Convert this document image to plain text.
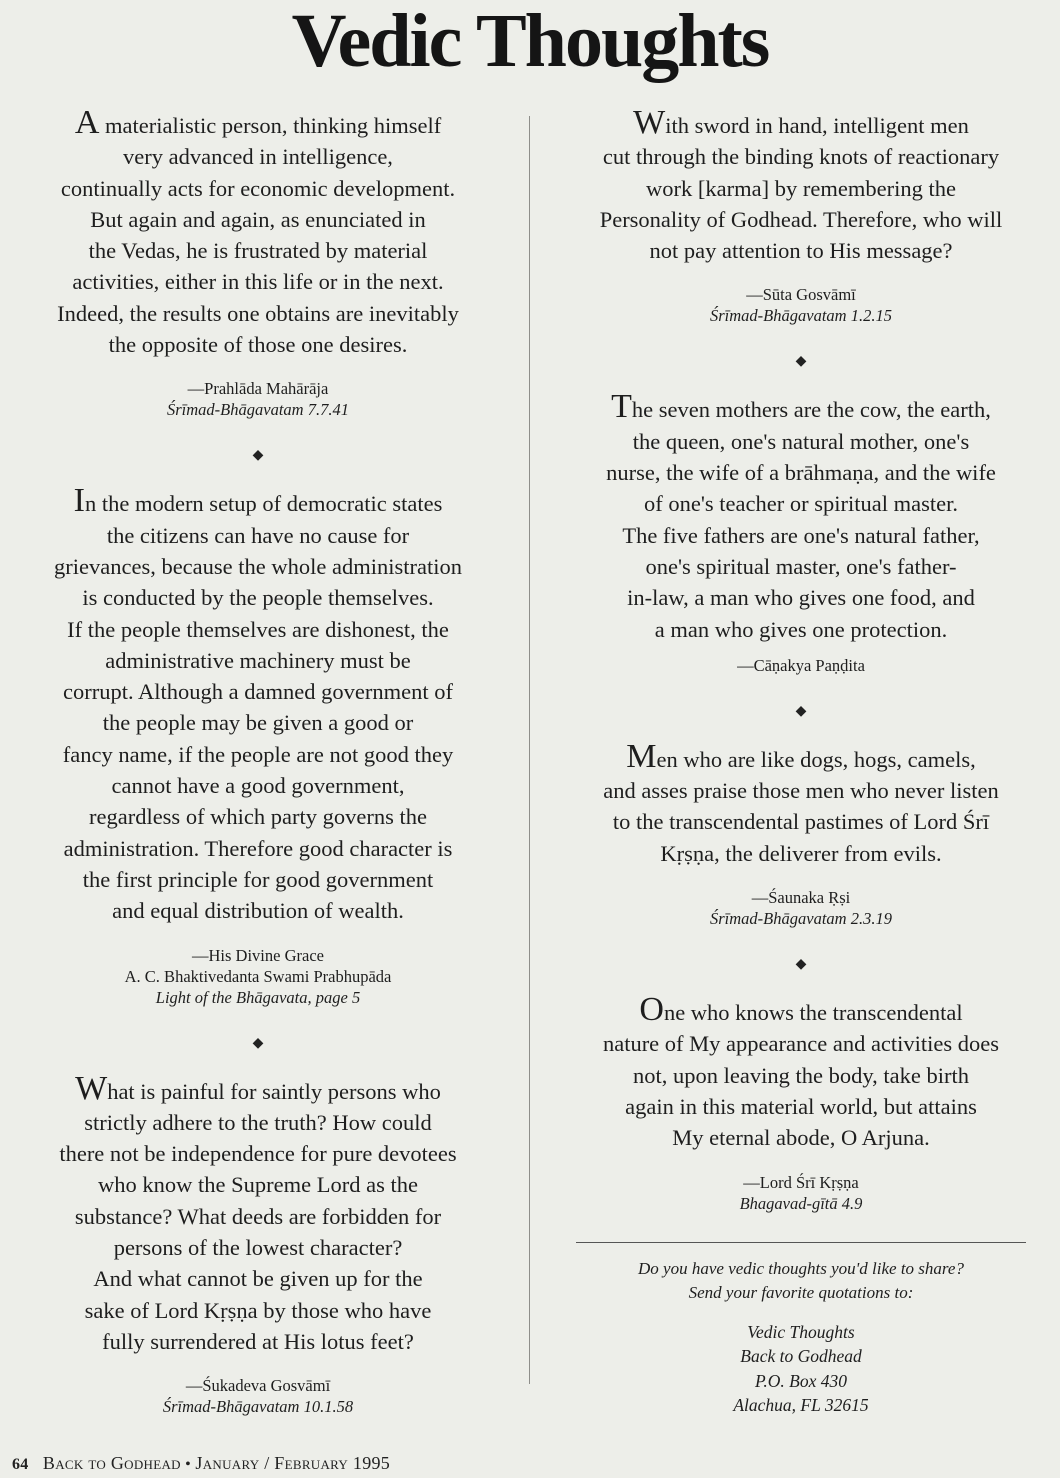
Vedic Thoughts

A materialistic person, thinking himself
very advanced in intelligence,
continually acts for economic development.
But again and again, as enunciated in
the Vedas, he is frustrated by material
activities, either in this life or in the next.
Indeed, the results one obtains are inevitably
the opposite of those one desires.

—Prahlāda Mahārāja
Śrīmad-Bhāgavatam 7.7.41
◆

In the modern setup of democratic states
the citizens can have no cause for
grievances, because the whole administration
is conducted by the people themselves.
If the people themselves are dishonest, the
administrative machinery must be
corrupt. Although a damned government of
the people may be given a good or
fancy name, if the people are not good they
cannot have a good government,
regardless of which party governs the
administration. Therefore good character is
the first principle for good government
and equal distribution of wealth.

—His Divine Grace
A. C. Bhaktivedanta Swami Prabhupāda
Light of the Bhāgavata, page 5
◆

What is painful for saintly persons who
strictly adhere to the truth? How could
there not be independence for pure devotees
who know the Supreme Lord as the
substance? What deeds are forbidden for
persons of the lowest character?
And what cannot be given up for the
sake of Lord Kṛṣṇa by those who have
fully surrendered at His lotus feet?

—Śukadeva Gosvāmī
Śrīmad-Bhāgavatam 10.1.58

With sword in hand, intelligent men
cut through the binding knots of reactionary
work [karma] by remembering the
Personality of Godhead. Therefore, who will
not pay attention to His message?

—Sūta Gosvāmī
Śrīmad-Bhāgavatam 1.2.15
◆

The seven mothers are the cow, the earth,
the queen, one's natural mother, one's
nurse, the wife of a brāhmaṇa, and the wife
of one's teacher or spiritual master.
The five fathers are one's natural father,
one's spiritual master, one's father-
in-law, a man who gives one food, and
a man who gives one protection.

—Cāṇakya Paṇḍita
◆

Men who are like dogs, hogs, camels,
and asses praise those men who never listen
to the transcendental pastimes of Lord Śrī
Kṛṣṇa, the deliverer from evils.

—Śaunaka Ṛṣi
Śrīmad-Bhāgavatam 2.3.19
◆

One who knows the transcendental
nature of My appearance and activities does
not, upon leaving the body, take birth
again in this material world, but attains
My eternal abode, O Arjuna.

—Lord Śrī Kṛṣṇa
Bhagavad-gītā 4.9
Do you have vedic thoughts you'd like to share?
Send your favorite quotations to:
Vedic Thoughts
Back to Godhead
P.O. Box 430
Alachua, FL 32615
64 Back to Godhead • January / February 1995
